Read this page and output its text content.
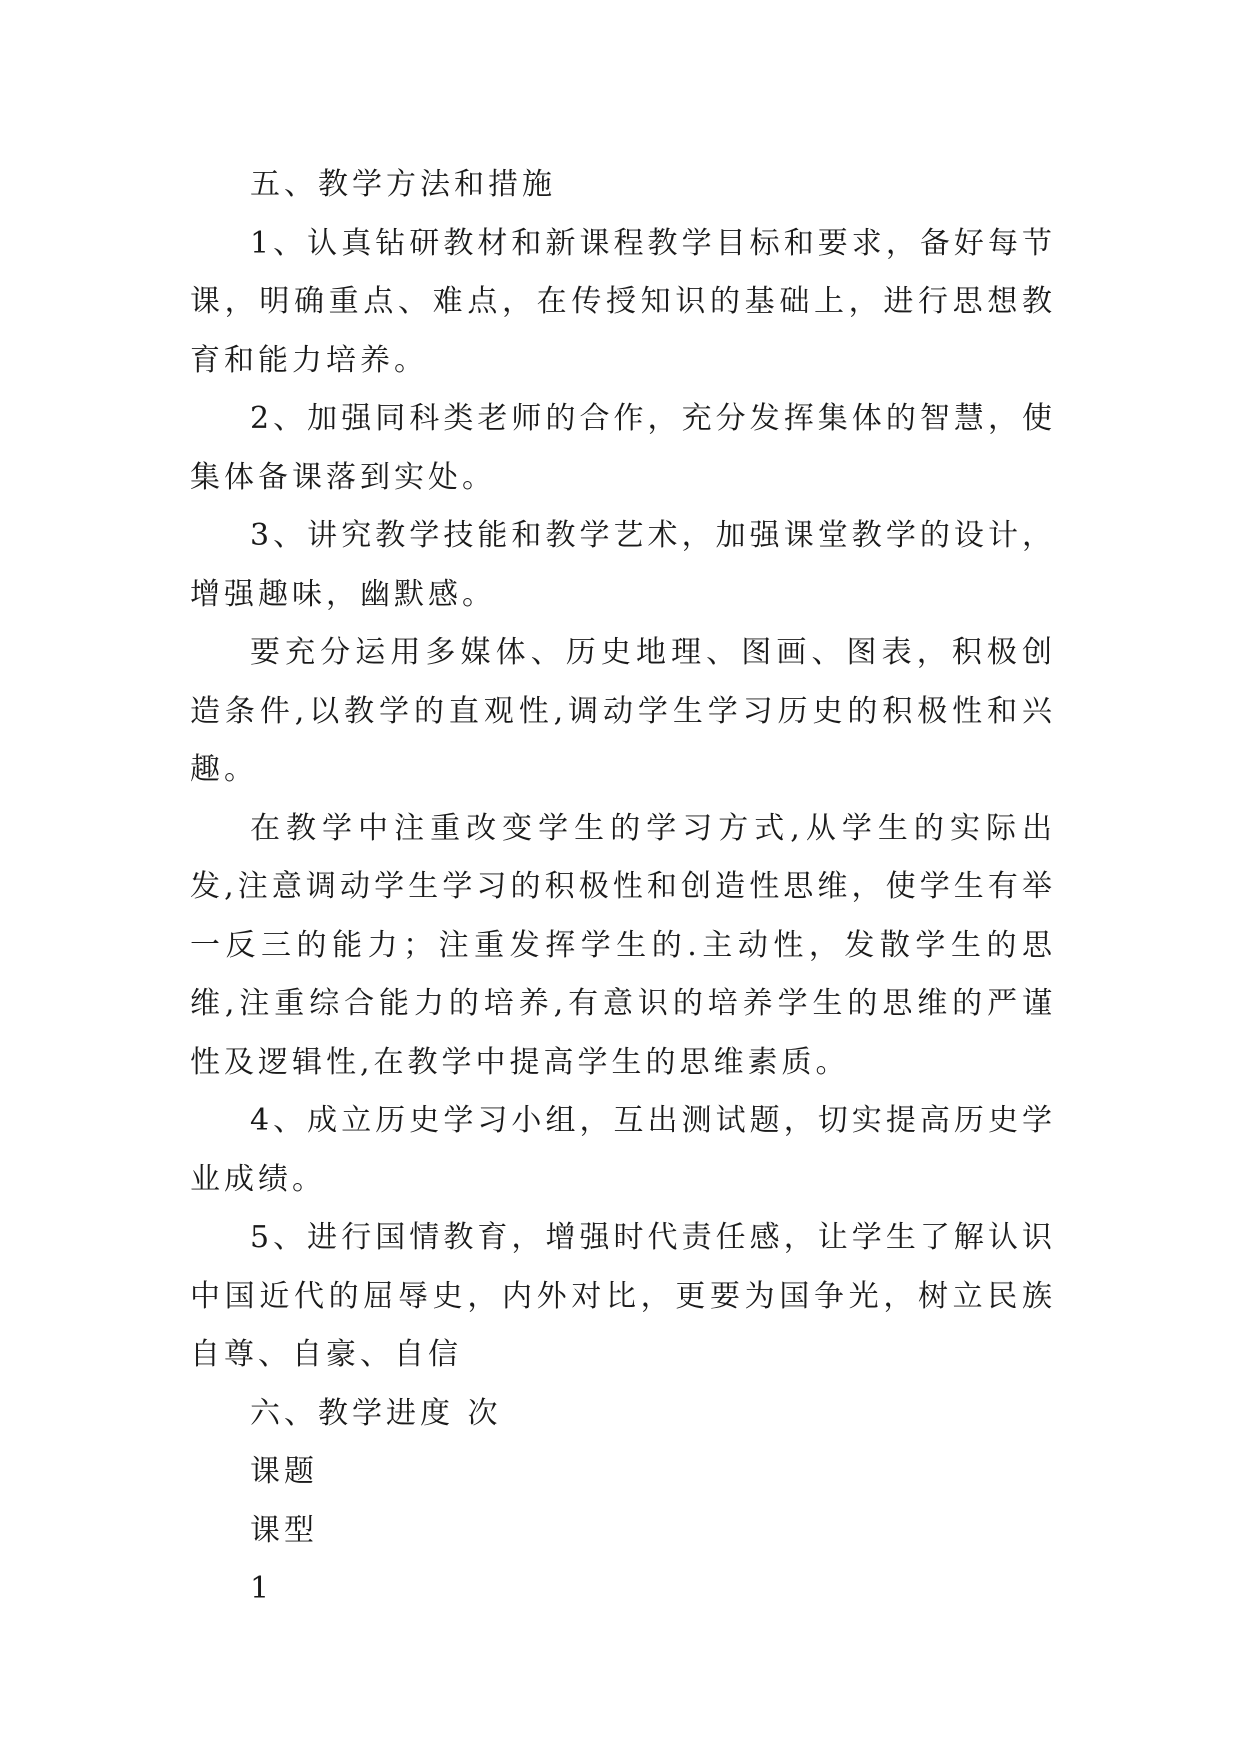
五、教学方法和措施

1、认真钻研教材和新课程教学目标和要求，备好每节课，明确重点、难点，在传授知识的基础上，进行思想教育和能力培养。

2、加强同科类老师的合作，充分发挥集体的智慧，使集体备课落到实处。

3、讲究教学技能和教学艺术，加强课堂教学的设计，增强趣味，幽默感。

要充分运用多媒体、历史地理、图画、图表，积极创造条件,以教学的直观性,调动学生学习历史的积极性和兴趣。

在教学中注重改变学生的学习方式,从学生的实际出发,注意调动学生学习的积极性和创造性思维，使学生有举一反三的能力；注重发挥学生的.主动性，发散学生的思维,注重综合能力的培养,有意识的培养学生的思维的严谨性及逻辑性,在教学中提高学生的思维素质。

4、成立历史学习小组，互出测试题，切实提高历史学业成绩。

5、进行国情教育，增强时代责任感，让学生了解认识中国近代的屈辱史，内外对比，更要为国争光，树立民族自尊、自豪、自信

六、教学进度 次

课题

课型

1
